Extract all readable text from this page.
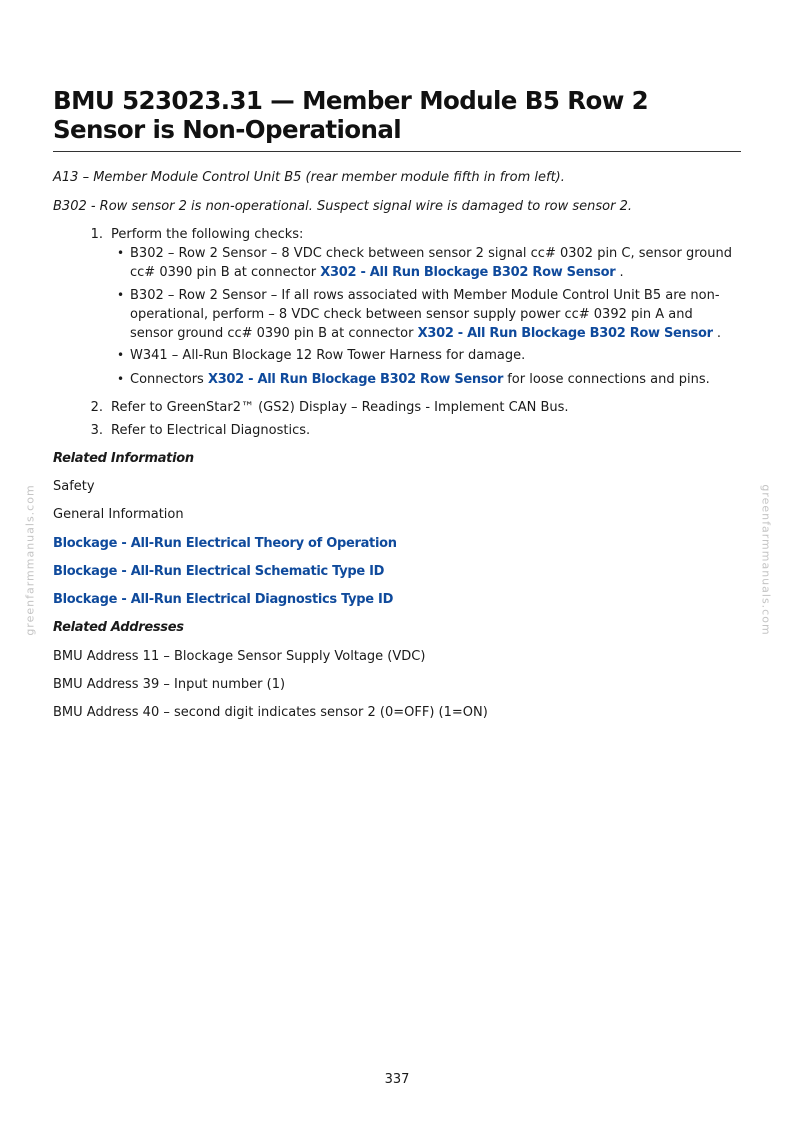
BMU 523023.31 — Member Module B5 Row 2 Sensor is Non-Operational

A13 – Member Module Control Unit B5 (rear member module fifth in from left).

B302 - Row sensor 2 is non-operational. Suspect signal wire is damaged to row sensor 2.

1. Perform the following checks:
• B302 – Row 2 Sensor – 8 VDC check between sensor 2 signal cc# 0302 pin C, sensor ground cc# 0390 pin B at connector X302 - All Run Blockage B302 Row Sensor .
• B302 – Row 2 Sensor – If all rows associated with Member Module Control Unit B5 are non-operational, perform – 8 VDC check between sensor supply power cc# 0392 pin A and sensor ground cc# 0390 pin B at connector X302 - All Run Blockage B302 Row Sensor .
• W341 – All-Run Blockage 12 Row Tower Harness for damage.
• Connectors X302 - All Run Blockage B302 Row Sensor for loose connections and pins.
2. Refer to GreenStar2™ (GS2) Display – Readings - Implement CAN Bus.
3. Refer to Electrical Diagnostics.

Related Information

Safety

General Information

Blockage - All-Run Electrical Theory of Operation

Blockage - All-Run Electrical Schematic Type ID

Blockage - All-Run Electrical Diagnostics Type ID

Related Addresses

BMU Address 11 – Blockage Sensor Supply Voltage (VDC)

BMU Address 39 – Input number (1)

BMU Address 40 – second digit indicates sensor 2 (0=OFF) (1=ON)

greenfarmmanuals.com	greenfarmmanuals.com
337
